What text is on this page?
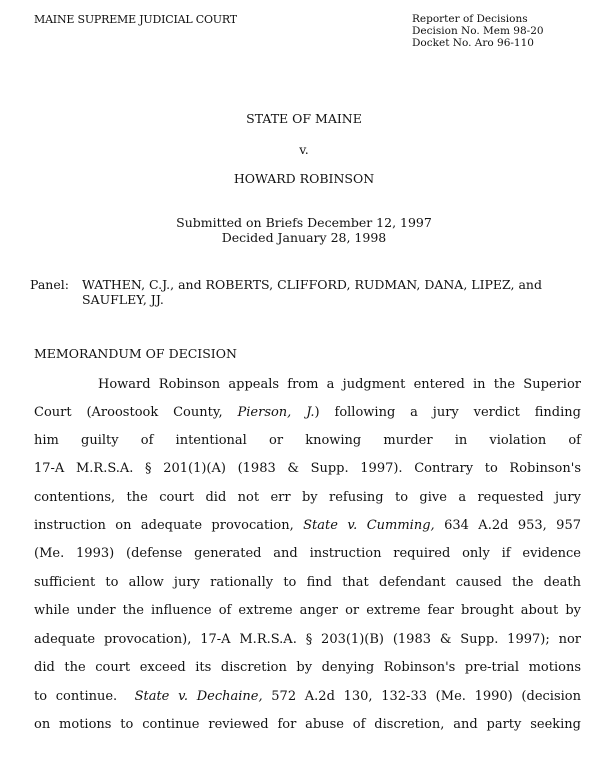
MAINE SUPREME JUDICIAL COURT	Reporter of Decisions
Decision No. Mem 98-20
Docket No. Aro 96-110
STATE OF MAINE
v.
HOWARD ROBINSON
Submitted on Briefs December 12, 1997
Decided January 28, 1998
Panel: WATHEN, C.J., and ROBERTS, CLIFFORD, RUDMAN, DANA, LIPEZ, and SAUFLEY, JJ.
MEMORANDUM OF DECISION
Howard Robinson appeals from a judgment entered in the Superior
Court (Aroostook County, Pierson, J.) following a jury verdict finding
him guilty of intentional or knowing murder in violation of
17-A M.R.S.A. § 201(1)(A) (1983 & Supp. 1997). Contrary to Robinson's
contentions, the court did not err by refusing to give a requested jury
instruction on adequate provocation, State v. Cumming, 634 A.2d 953, 957
(Me. 1993) (defense generated and instruction required only if evidence
sufficient to allow jury rationally to find that defendant caused the death
while under the influence of extreme anger or extreme fear brought about by
adequate provocation), 17-A M.R.S.A. § 203(1)(B) (1983 & Supp. 1997); nor
did the court exceed its discretion by denying Robinson's pre-trial motions
to continue. State v. Dechaine, 572 A.2d 130, 132-33 (Me. 1990) (decision
on motions to continue reviewed for abuse of discretion, and party seeking
